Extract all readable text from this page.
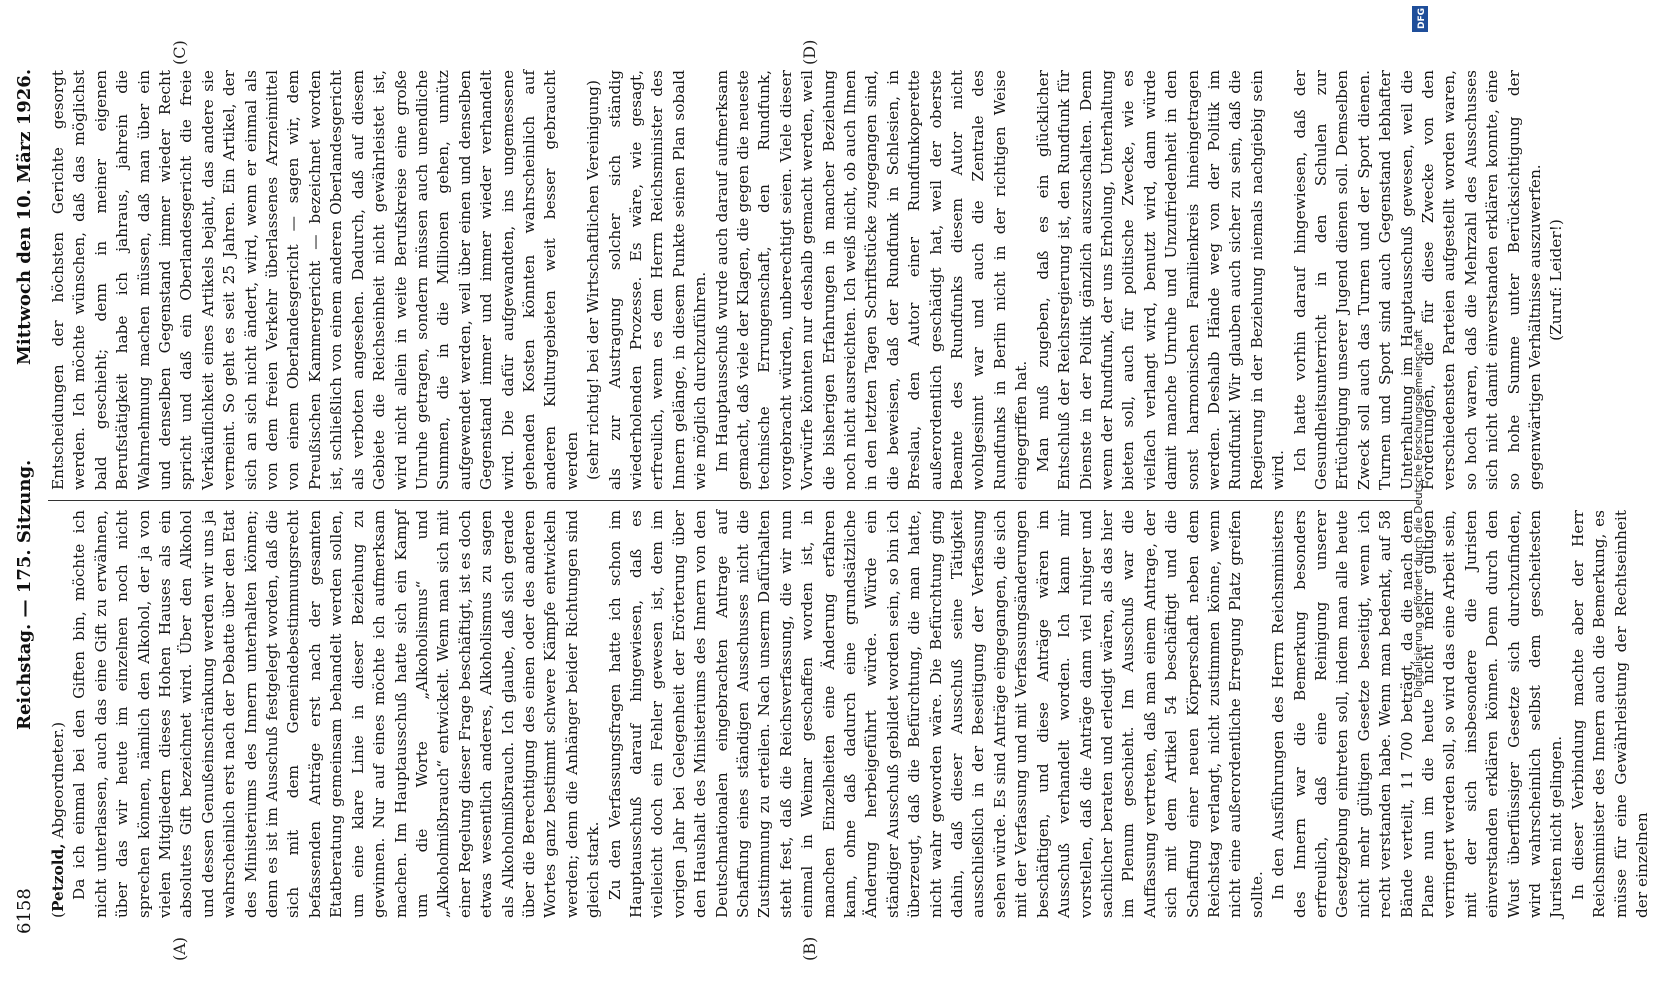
6158
Reichstag. — 175. Sitzung.
Mittwoch den 10. März 1926.
(A)	(B)
(C)	(D)

(Petzold, Abgeordneter.) Da ich einmal bei den Giften bin, möchte ich nicht unterlassen, auch das eine Gift zu erwähnen, über das wir heute im einzelnen noch nicht sprechen können, nämlich den Alkohol, der ja von vielen Mitgliedern dieses Hohen Hauses als ein absolutes Gift bezeichnet wird. Über den Alkohol und dessen Genußeinschränkung werden wir uns ja wahrscheinlich erst nach der Debatte über den Etat des Ministeriums des Innern unterhalten können; denn es ist im Ausschuß festgelegt worden, daß die sich mit dem Gemeindebestimmungsrecht befassenden Anträge erst nach der gesamten Etatberatung gemeinsam behandelt werden sollen, um eine klare Linie in dieser Beziehung zu gewinnen. Nur auf eines möchte ich aufmerksam machen. Im Hauptausschuß hatte sich ein Kampf um die Worte „Alkoholismus“ und „Alkoholmißbrauch“ entwickelt. Wenn man sich mit einer Regelung dieser Frage beschäftigt, ist es doch etwas wesentlich anderes, Alkoholismus zu sagen als Alkoholmißbrauch. Ich glaube, daß sich gerade über die Berechtigung des einen oder des anderen Wortes ganz bestimmt schwere Kämpfe entwickeln werden; denn die Anhänger beider Richtungen sind gleich stark. Zu den Verfassungsfragen hatte ich schon im Hauptausschuß darauf hingewiesen, daß es vielleicht doch ein Fehler gewesen ist, dem im vorigen Jahr bei Gelegenheit der Erörterung über den Haushalt des Ministeriums des Innern von den Deutschnationalen eingebrachten Antrage auf Schaffung eines ständigen Ausschusses nicht die Zustimmung zu erteilen. Nach unserm Dafürhalten steht fest, daß die Reichsverfassung, die wir nun einmal in Weimar geschaffen worden ist, in manchen Einzelheiten eine Änderung erfahren kann, ohne daß dadurch eine grundsätzliche Änderung herbeigeführt würde. Würde ein ständiger Ausschuß gebildet worden sein, so bin ich überzeugt, daß die Befürchtung, die man hatte, nicht wahr geworden wäre. Die Befürchtung ging dahin, daß dieser Ausschuß seine Tätigkeit ausschließlich in der Beseitigung der Verfassung sehen würde. Es sind Anträge eingegangen, die sich mit der Verfassung und mit Verfassungsänderungen beschäftigen, und diese Anträge wären im Ausschuß verhandelt worden. Ich kann mir vorstellen, daß die Anträge dann viel ruhiger und sachlicher beraten und erledigt wären, als das hier im Plenum geschieht. Im Ausschuß war die Auffassung vertreten, daß man einem Antrage, der sich mit dem Artikel 54 beschäftigt und die Schaffung einer neuen Körperschaft neben dem Reichstag verlangt, nicht zustimmen könne, wenn nicht eine außerordentliche Erregung Platz greifen sollte. In den Ausführungen des Herrn Reichsministers des Innern war die Bemerkung besonders erfreulich, daß eine Reinigung unserer Gesetzgebung eintreten soll, indem man alle heute nicht mehr gültigen Gesetze beseitigt, wenn ich recht verstanden habe. Wenn man bedenkt, auf 58 Bände verteilt, 11 700 beträgt, da die nach dem Plane nun im die heute nicht mehr gültigen verringert werden soll, so wird das eine Arbeit sein, mit der sich insbesondere die Juristen einverstanden erklären können. Denn durch den Wust überflüssiger Gesetze sich durchzufinden, wird wahrscheinlich selbst dem gescheitesten Juristen nicht gelingen. In dieser Verbindung machte aber der Herr Reichsminister des Innern auch die Bemerkung, es müsse für eine Gewährleistung der Rechtseinheit der einzelnen

Entscheidungen der höchsten Gerichte gesorgt werden. Ich möchte wünschen, daß das möglichst bald geschieht; denn in meiner eigenen Berufstätigkeit habe ich jahraus, jahrein die Wahrnehmung machen müssen, daß man über ein und denselben Gegenstand immer wieder Recht spricht und daß ein Oberlandesgericht die freie Verkäuflichkeit eines Artikels bejaht, das andere sie verneint. So geht es seit 25 Jahren. Ein Artikel, der sich an sich nicht ändert, wird, wenn er einmal als von dem freien Verkehr überlassenes Arzneimittel von einem Oberlandesgericht — sagen wir, dem Preußischen Kammergericht — bezeichnet worden ist, schließlich von einem anderen Oberlandesgericht als verboten angesehen. Dadurch, daß auf diesem Gebiete die Reichseinheit nicht gewährleistet ist, wird nicht allein in weite Berufskreise eine große Unruhe getragen, sondern müssen auch unendliche Summen, die in die Millionen gehen, unnütz aufgewendet werden, weil über einen und denselben Gegenstand immer und immer wieder verhandelt wird. Die dafür aufgewandten, ins ungemessene gehenden Kosten könnten wahrscheinlich auf anderen Kulturgebieten weit besser gebraucht werden (sehr richtig! bei der Wirtschaftlichen Vereinigung) als zur Austragung solcher sich ständig wiederholenden Prozesse. Es wäre, wie gesagt, erfreulich, wenn es dem Herrn Reichsminister des Innern gelänge, in diesem Punkte seinen Plan sobald wie möglich durchzuführen. Im Hauptausschuß wurde auch darauf aufmerksam gemacht, daß viele der Klagen, die gegen die neueste technische Errungenschaft, den Rundfunk, vorgebracht würden, unberechtigt seien. Viele dieser Vorwürfe könnten nur deshalb gemacht werden, weil die bisherigen Erfahrungen in mancher Beziehung noch nicht ausreichten. Ich weiß nicht, ob auch Ihnen in den letzten Tagen Schriftstücke zugegangen sind, die beweisen, daß der Rundfunk in Schlesien, in Breslau, den Autor einer Rundfunkoperette außerordentlich geschädigt hat, weil der oberste Beamte des Rundfunks diesem Autor nicht wohlgesinnt war und auch die Zentrale des Rundfunks in Berlin nicht in der richtigen Weise eingegriffen hat. Man muß zugeben, daß es ein glücklicher Entschluß der Reichsregierung ist, den Rundfunk für Dienste in der Politik gänzlich auszuschalten. Denn wenn der Rundfunk, der uns Erholung, Unterhaltung bieten soll, auch für politische Zwecke, wie es vielfach verlangt wird, benutzt wird, dann würde damit manche Unruhe und Unzufriedenheit in den sonst harmonischen Familienkreis hineingetragen werden. Deshalb Hände weg von der Politik im Rundfunk! Wir glauben auch sicher zu sein, daß die Regierung in der Beziehung niemals nachgiebig sein wird. Ich hatte vorhin darauf hingewiesen, daß der Gesundheitsunterricht in den Schulen zur Ertüchtigung unserer Jugend dienen soll. Demselben Zweck soll auch das Turnen und der Sport dienen. Turnen und Sport sind auch Gegenstand lebhafter Unterhaltung im Hauptausschuß gewesen, weil die Forderungen, die für diese Zwecke von den verschiedensten Parteien aufgestellt worden waren, so hoch waren, daß die Mehrzahl des Ausschusses sich nicht damit einverstanden erklären konnte, eine so hohe Summe unter Berücksichtigung der gegenwärtigen Verhältnisse auszuwerfen. (Zuruf: Leider!)

DFG
Digitalisierung gefördert durch die Deutsche Forschungsgemeinschaft
